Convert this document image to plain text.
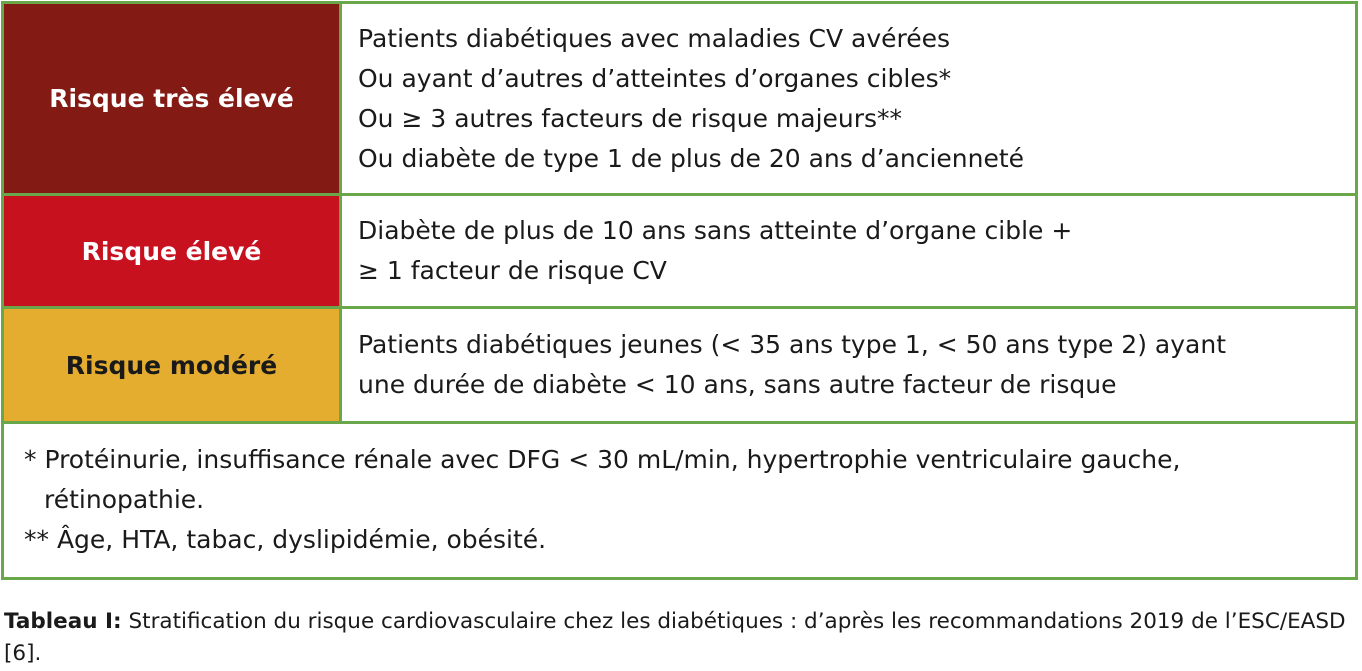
Risque très élevé
Patients diabétiques avec maladies CV avérées
Ou ayant d’autres d’atteintes d’organes cibles*
Ou ≥ 3 autres facteurs de risque majeurs**
Ou diabète de type 1 de plus de 20 ans d’ancienneté
Risque élevé
Diabète de plus de 10 ans sans atteinte d’organe cible +
≥ 1 facteur de risque CV
Risque modéré
Patients diabétiques jeunes (< 35 ans type 1, < 50 ans type 2) ayant
une durée de diabète < 10 ans, sans autre facteur de risque
* Protéinurie, insuffisance rénale avec DFG < 30 mL/min, hypertrophie ventriculaire gauche,
rétinopathie.
** Âge, HTA, tabac, dyslipidémie, obésité.
Tableau I: Stratification du risque cardiovasculaire chez les diabétiques : d’après les recommandations 2019 de l’ESC/EASD [6].
